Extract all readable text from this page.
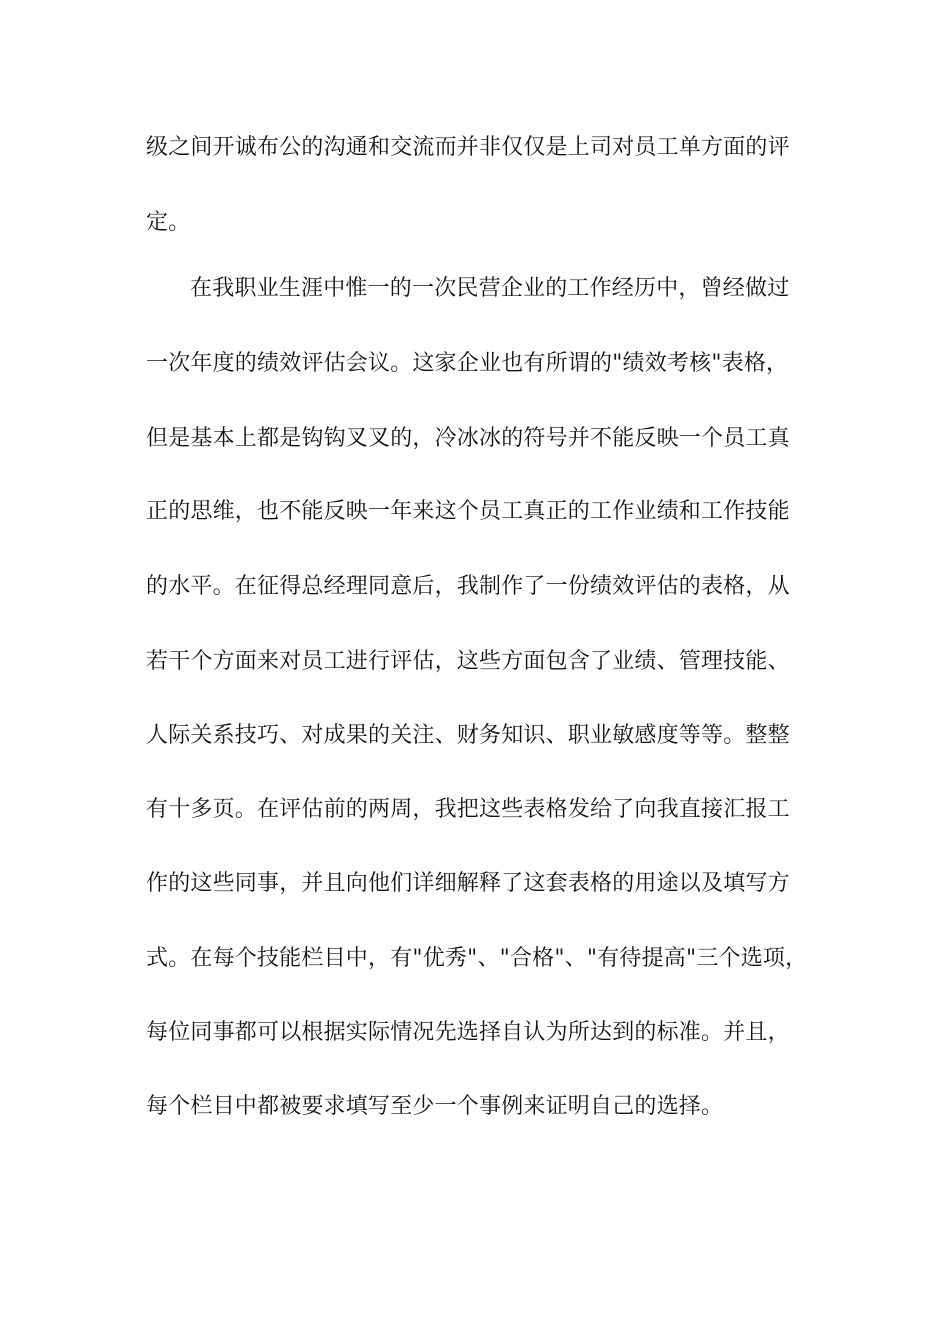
级之间开诚布公的沟通和交流而并非仅仅是上司对员工单方面的评
定。
在我职业生涯中惟一的一次民营企业的工作经历中，曾经做过
一次年度的绩效评估会议。这家企业也有所谓的"绩效考核"表格，
但是基本上都是钩钩叉叉的，冷冰冰的符号并不能反映一个员工真
正的思维，也不能反映一年来这个员工真正的工作业绩和工作技能
的水平。在征得总经理同意后，我制作了一份绩效评估的表格，从
若干个方面来对员工进行评估，这些方面包含了业绩、管理技能、
人际关系技巧、对成果的关注、财务知识、职业敏感度等等。整整
有十多页。在评估前的两周，我把这些表格发给了向我直接汇报工
作的这些同事，并且向他们详细解释了这套表格的用途以及填写方
式。在每个技能栏目中，有"优秀"、"合格"、"有待提高"三个选项，
每位同事都可以根据实际情况先选择自认为所达到的标准。并且，
每个栏目中都被要求填写至少一个事例来证明自己的选择。
